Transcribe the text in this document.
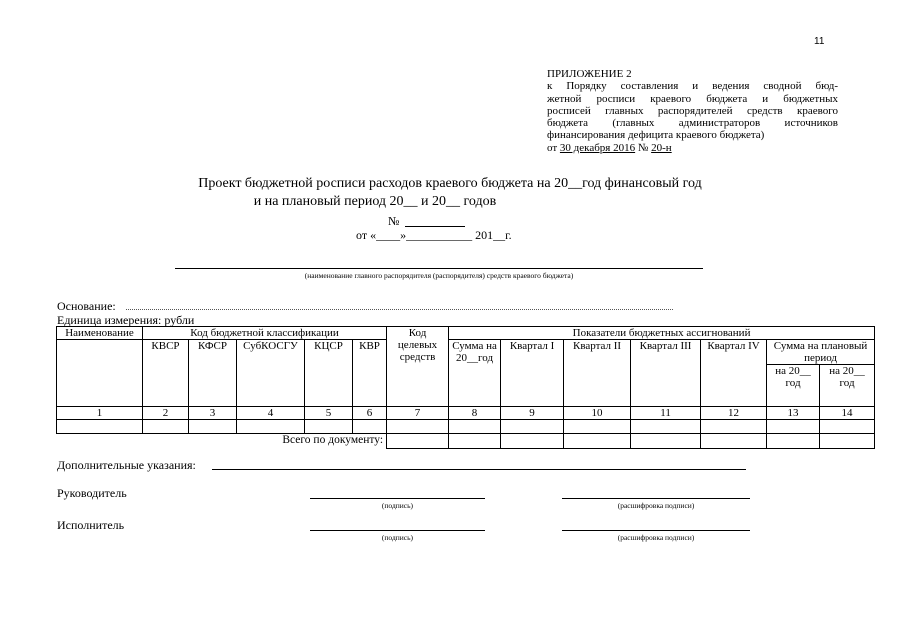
11
ПРИЛОЖЕНИЕ 2
к Порядку составления и ведения сводной бюд-
жетной росписи краевого бюджета и бюджетных
росписей главных распорядителей средств краевого
бюджета (главных администраторов источников
финансирования дефицита краевого бюджета)
от 30 декабря 2016 № 20-н
Проект бюджетной росписи расходов краевого бюджета на 20__год финансовый год
и на плановый период 20__ и 20__ годов
№
от «____»___________ 201__г.
(наименование главного распорядителя (распорядителя) средств краевого бюджета)
Основание:
Единица измерения: рубли
Наименование	Код бюджетной классификации					Код целевых средств	Показатели бюджетных ассигнований						
	КВСР	КФСР	СубКОСГУ	КЦСР	КВР		Сумма на 20__год	Квартал I	Квартал II	Квартал III	Квартал IV	Сумма на плановый период	
												на 20__ год	на 20__ год
1	2	3	4	5	6	7	8	9	10	11	12	13	14

Всего по документу:													
Дополнительные указания:
Руководитель
(подпись)	(расшифровка подписи)
Исполнитель
(подпись)	(расшифровка подписи)
